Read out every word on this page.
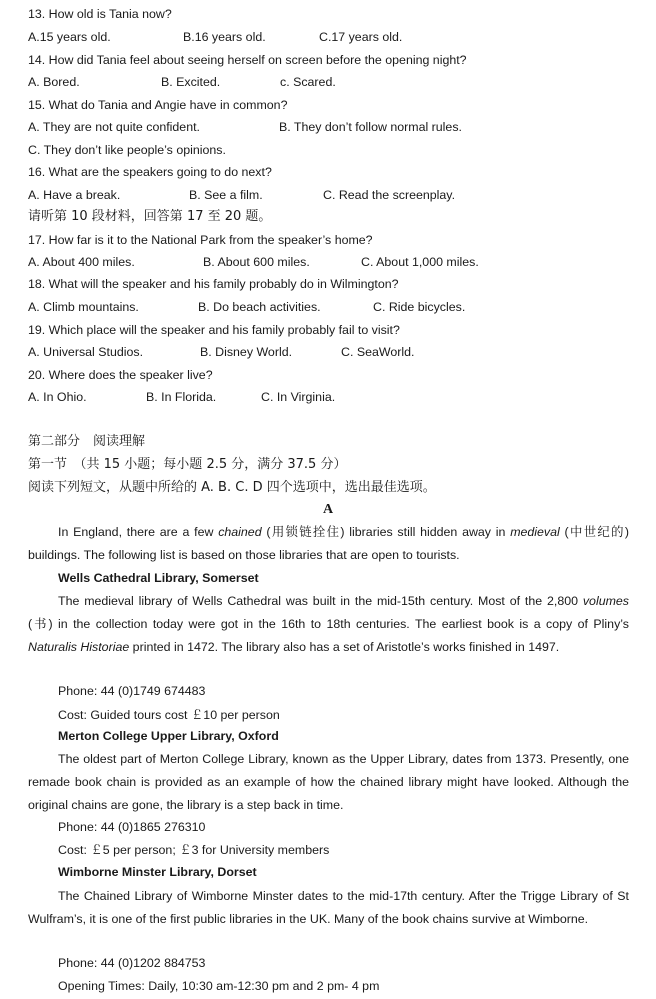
13. How old is Tania now?
A.15 years old.	B.16 years old.	C.17 years old.
14. How did Tania feel about seeing herself on screen before the opening night?
A. Bored.	B. Excited.	c. Scared.
15. What do Tania and Angie have in common?
A. They are not quite confident.	B. They don’t follow normal rules.
C. They don’t like people’s opinions.
16. What are the speakers going to do next?
A. Have a break.	B. See a film.	C. Read the screenplay.
请听第 10 段材料，回答第 17 至 20 题。
17. How far is it to the National Park from the speaker’s home?
A. About 400 miles.	B. About 600 miles.	C. About 1,000 miles.
18. What will the speaker and his family probably do in Wilmington?
A. Climb mountains.	B. Do beach activities.	C. Ride bicycles.
19. Which place will the speaker and his family probably fail to visit?
A. Universal Studios.	B. Disney World.	C. SeaWorld.
20. Where does the speaker live?
A. In Ohio.	B. In Florida.	C. In Virginia.
第二部分　阅读理解
第一节　（共 15 小题；每小题 2.5 分，满分 37.5 分）
阅读下列短文，从题中所给的 A. B. C. D 四个选项中，选出最佳选项。
A
In England, there are a few chained (用锁链拴住) libraries still hidden away in medieval (中世纪的) buildings. The following list is based on those libraries that are open to tourists.
Wells Cathedral Library, Somerset
The medieval library of Wells Cathedral was built in the mid-15th century. Most of the 2,800 volumes (书) in the collection today were got in the 16th to 18th centuries. The earliest book is a copy of Pliny’s Naturalis Historiae printed in 1472. The library also has a set of Aristotle’s works finished in 1497.
Phone: 44 (0)1749 674483
Cost: Guided tours cost ￡10 per person
Merton College Upper Library, Oxford
The oldest part of Merton College Library, known as the Upper Library, dates from 1373. Presently, one remade book chain is provided as an example of how the chained library might have looked. Although the original chains are gone, the library is a step back in time.
Phone: 44 (0)1865 276310
Cost: ￡5 per person; ￡3 for University members
Wimborne Minster Library, Dorset
The Chained Library of Wimborne Minster dates to the mid-17th century. After the Trigge Library of St Wulfram’s, it is one of the first public libraries in the UK. Many of the book chains survive at Wimborne.
Phone: 44 (0)1202 884753
Opening Times: Daily, 10:30 am-12:30 pm and 2 pm- 4 pm
